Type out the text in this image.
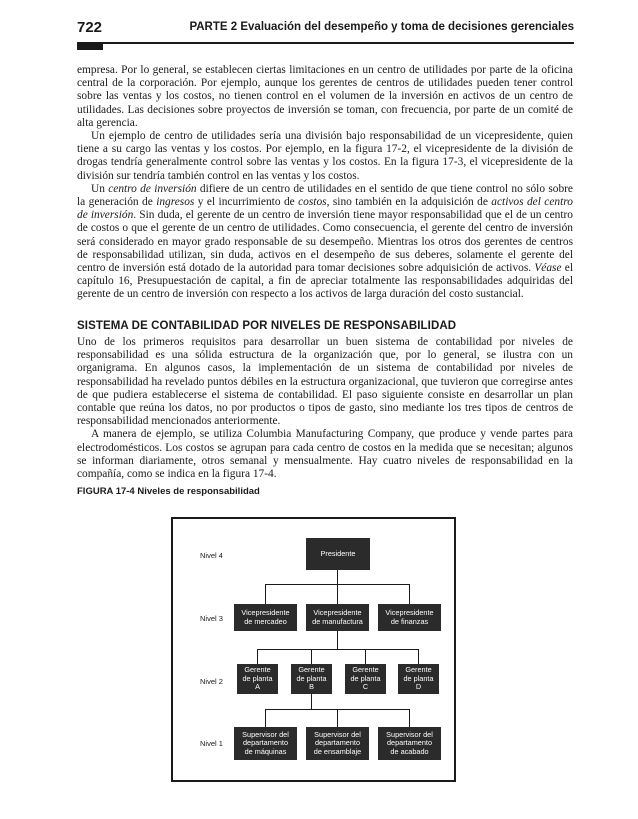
722	PARTE 2 Evaluación del desempeño y toma de decisiones gerenciales

empresa. Por lo general, se establecen ciertas limitaciones en un centro de utilidades por parte de la oficina central de la corporación. Por ejemplo, aunque los gerentes de centros de utilidades pueden tener control sobre las ventas y los costos, no tienen control en el volumen de la inversión en activos de un centro de utilidades. Las decisiones sobre proyectos de inversión se toman, con frecuencia, por parte de un comité de alta gerencia.

Un ejemplo de centro de utilidades sería una división bajo responsabilidad de un vicepresidente, quien tiene a su cargo las ventas y los costos. Por ejemplo, en la figura 17-2, el vicepresidente de la división de drogas tendría generalmente control sobre las ventas y los costos. En la figura 17-3, el vicepresidente de la división sur tendría también control en las ventas y los costos.

Un centro de inversión difiere de un centro de utilidades en el sentido de que tiene control no sólo sobre la generación de ingresos y el incurrimiento de costos, sino también en la adquisición de activos del centro de inversión. Sin duda, el gerente de un centro de inversión tiene mayor responsabilidad que el de un centro de costos o que el gerente de un centro de utilidades. Como consecuencia, el gerente del centro de inversión será considerado en mayor grado responsable de su desempeño. Mientras los otros dos gerentes de centros de responsabilidad utilizan, sin duda, activos en el desempeño de sus deberes, solamente el gerente del centro de inversión está dotado de la autoridad para tomar decisiones sobre adquisición de activos. Véase el capítulo 16, Presupuestación de capital, a fin de apreciar totalmente las responsabilidades adquiridas del gerente de un centro de inversión con respecto a los activos de larga duración del costo sustancial.

SISTEMA DE CONTABILIDAD POR NIVELES DE RESPONSABILIDAD

Uno de los primeros requisitos para desarrollar un buen sistema de contabilidad por niveles de responsabilidad es una sólida estructura de la organización que, por lo general, se ilustra con un organigrama. En algunos casos, la implementación de un sistema de contabilidad por niveles de responsabilidad ha revelado puntos débiles en la estructura organizacional, que tuvieron que corregirse antes de que pudiera establecerse el sistema de contabilidad. El paso siguiente consiste en desarrollar un plan contable que reúna los datos, no por productos o tipos de gasto, sino mediante los tres tipos de centros de responsabilidad mencionados anteriormente.

A manera de ejemplo, se utiliza Columbia Manufacturing Company, que produce y vende partes para electrodomésticos. Los costos se agrupan para cada centro de costos en la medida que se necesitan; algunos se informan diariamente, otros semanal y mensualmente. Hay cuatro niveles de responsabilidad en la compañía, como se indica en la figura 17-4.

FIGURA 17-4 Niveles de responsabilidad
Nivel 4
Nivel 3
Nivel 2
Nivel 1
Presidente
Vicepresidente
de mercadeo
Vicepresidente
de manufactura
Vicepresidente
de finanzas
Gerente
de planta
A
Gerente
de planta
B
Gerente
de planta
C
Gerente
de planta
D
Supervisor del
departamento
de máquinas
Supervisor del
departamento
de ensamblaje
Supervisor del
departamento
de acabado
